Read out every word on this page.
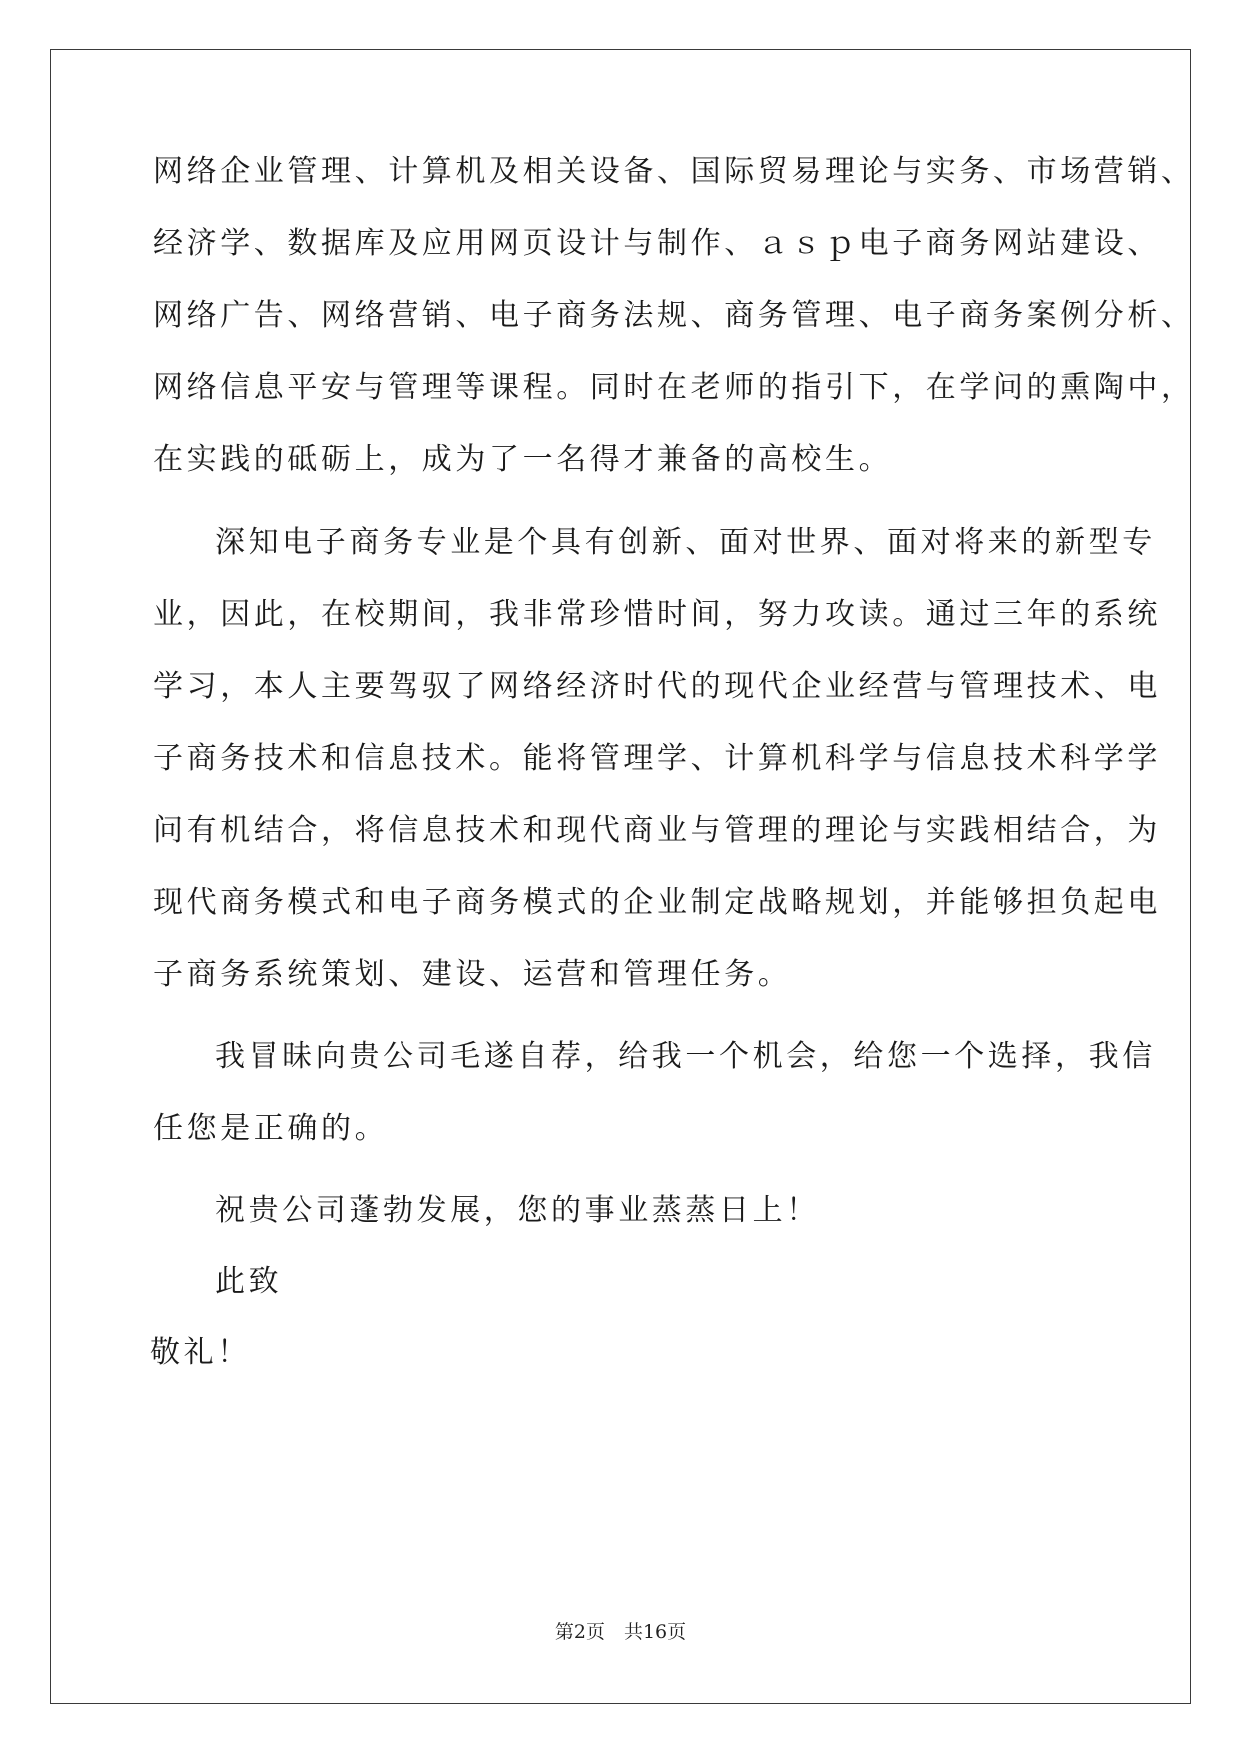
网络企业管理、计算机及相关设备、国际贸易理论与实务、市场营销、
经济学、数据库及应用网页设计与制作、ａｓｐ电子商务网站建设、
网络广告、网络营销、电子商务法规、商务管理、电子商务案例分析、
网络信息平安与管理等课程。同时在老师的指引下，在学问的熏陶中，
在实践的砥砺上，成为了一名得才兼备的高校生。
深知电子商务专业是个具有创新、面对世界、面对将来的新型专
业，因此，在校期间，我非常珍惜时间，努力攻读。通过三年的系统
学习，本人主要驾驭了网络经济时代的现代企业经营与管理技术、电
子商务技术和信息技术。能将管理学、计算机科学与信息技术科学学
问有机结合，将信息技术和现代商业与管理的理论与实践相结合，为
现代商务模式和电子商务模式的企业制定战略规划，并能够担负起电
子商务系统策划、建设、运营和管理任务。
我冒昧向贵公司毛遂自荐，给我一个机会，给您一个选择，我信
任您是正确的。
祝贵公司蓬勃发展，您的事业蒸蒸日上！
此致
敬礼！
第2页　共16页
